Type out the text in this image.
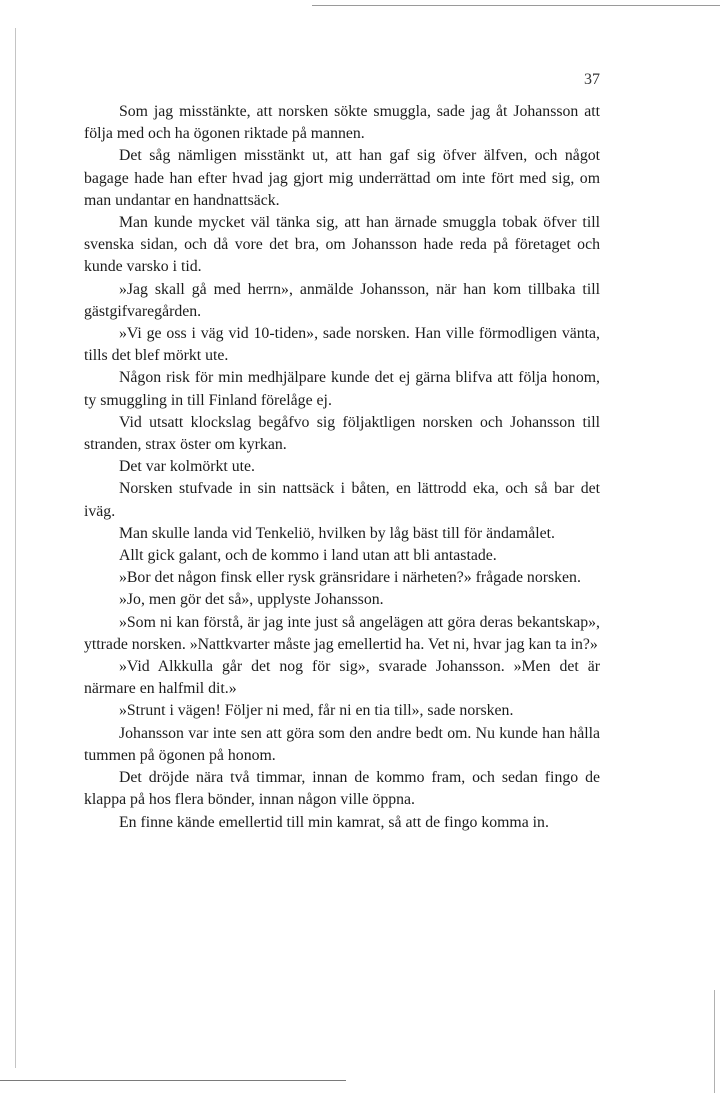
37

Som jag misstänkte, att norsken sökte smuggla, sade jag åt Johansson att följa med och ha ögonen riktade på mannen.

Det såg nämligen misstänkt ut, att han gaf sig öfver älfven, och något bagage hade han efter hvad jag gjort mig underrättad om inte fört med sig, om man undantar en handnattsäck.

Man kunde mycket väl tänka sig, att han ärnade smuggla tobak öfver till svenska sidan, och då vore det bra, om Johansson hade reda på företaget och kunde varsko i tid.

»Jag skall gå med herrn», anmälde Johansson, när han kom tillbaka till gästgifvaregården.

»Vi ge oss i väg vid 10-tiden», sade norsken. Han ville förmodligen vänta, tills det blef mörkt ute.

Någon risk för min medhjälpare kunde det ej gärna blifva att följa honom, ty smuggling in till Finland förelåge ej.

Vid utsatt klockslag begåfvo sig följaktligen norsken och Johansson till stranden, strax öster om kyrkan.

Det var kolmörkt ute.

Norsken stufvade in sin nattsäck i båten, en lättrodd eka, och så bar det iväg.

Man skulle landa vid Tenkeliö, hvilken by låg bäst till för ändamålet.

Allt gick galant, och de kommo i land utan att bli antastade.

»Bor det någon finsk eller rysk gränsridare i närheten?» frågade norsken.

»Jo, men gör det så», upplyste Johansson.

»Som ni kan förstå, är jag inte just så angelägen att göra deras bekantskap», yttrade norsken. »Nattkvarter måste jag emellertid ha. Vet ni, hvar jag kan ta in?»

»Vid Alkkulla går det nog för sig», svarade Johansson. »Men det är närmare en halfmil dit.»

»Strunt i vägen! Följer ni med, får ni en tia till», sade norsken.

Johansson var inte sen att göra som den andre bedt om. Nu kunde han hålla tummen på ögonen på honom.

Det dröjde nära två timmar, innan de kommo fram, och sedan fingo de klappa på hos flera bönder, innan någon ville öppna.

En finne kände emellertid till min kamrat, så att de fingo komma in.
